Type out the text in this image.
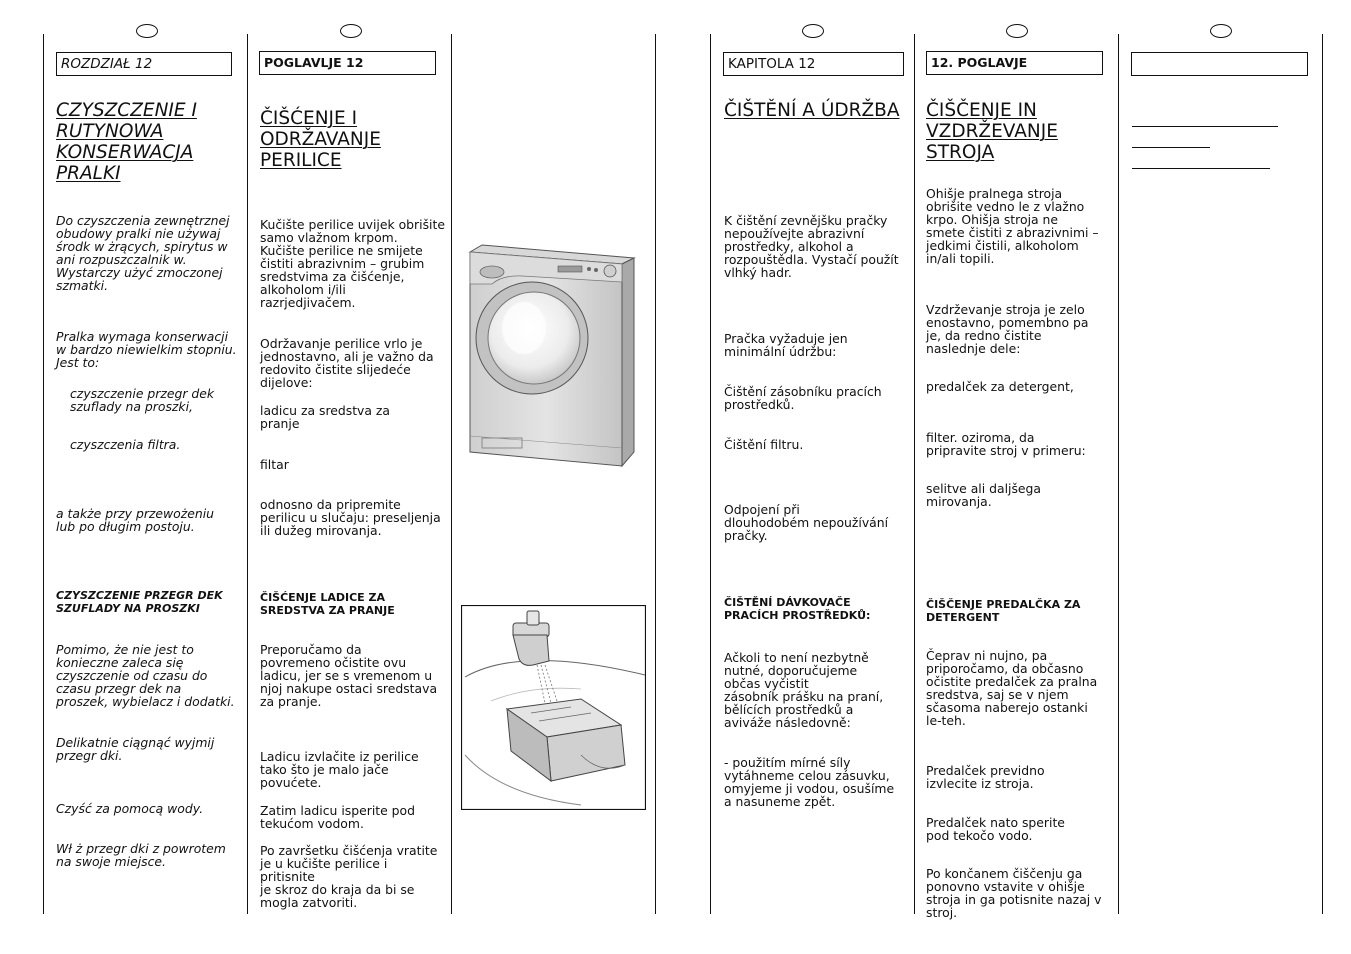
ROZDZIAŁ 12
CZYSZCZENIE I
RUTYNOWA
KONSERWACJA
PRALKI
Do czyszczenia zewnętrznej
obudowy pralki nie używaj
środk w żrących, spirytus w
ani rozpuszczalnik w.
Wystarczy użyć zmoczonej
szmatki.
Pralka wymaga konserwacji
w bardzo niewielkim stopniu.
Jest to:
czyszczenie przegr dek
szuflady na proszki,
czyszczenia filtra.
a także przy przewożeniu
lub po długim postoju.
CZYSZCZENIE PRZEGR DEK
SZUFLADY NA PROSZKI
Pomimo, że nie jest to
konieczne zaleca się
czyszczenie od czasu do
czasu przegr dek na
proszek, wybielacz i dodatki.
Delikatnie ciągnąć wyjmij
przegr dki.
Czyść za pomocą wody.
Wł ż przegr dki z powrotem
na swoje miejsce.
POGLAVLJE 12
ČIŠĆENJE I
ODRŽAVANJE
PERILICE
Kučište perilice uvijek obrišite
samo vlažnom krpom.
Kučište perilice ne smijete
čistiti abrazivnim – grubim
sredstvima za čišćenje,
alkoholom i/ili
razrjedjivačem.
Održavanje perilice vrlo je
jednostavno, ali je važno da
redovito čistite slijedeće
dijelove:
ladicu za sredstva za
pranje
filtar
odnosno da pripremite
perilicu u slučaju: preseljenja
ili dužeg mirovanja.
ČIŠĆENJE LADICE ZA
SREDSTVA ZA PRANJE
Preporučamo da
povremeno očistite ovu
ladicu, jer se s vremenom u
njoj nakupe ostaci sredstava
za pranje.
Ladicu izvlačite iz perilice
tako što je malo jače
povućete.
Zatim ladicu isperite pod
tekućom vodom.
Po završetku čišćenja vratite
je u kučište perilice i pritisnite
je skroz do kraja da bi se
mogla zatvoriti.
KAPITOLA 12
ČIŠTĚNÍ A ÚDRŽBA
K čištění zevnějšku pračky
nepoužívejte abrazivní
prostředky, alkohol a
rozpouštědla. Vystačí použít
vlhký hadr.
Pračka vyžaduje jen
minimální údržbu:
Čištění zásobníku pracích
prostředků.
Čištění filtru.
Odpojení při
dlouhodobém nepoužívání
pračky.
ČIŠTĚNÍ DÁVKOVAČE
PRACÍCH PROSTŘEDKŮ:
Ačkoli to není nezbytně
nutné, doporučujeme
občas vyčistit
zásobník prášku na praní,
bělících prostředků a
aviváže následovně:
- použitím mírné síly
vytáhneme celou zásuvku,
omyjeme ji vodou, osušíme
a nasuneme zpět.
12. POGLAVJE
ČIŠČENJE IN
VZDRŽEVANJE
STROJA
Ohišje pralnega stroja
obrišite vedno le z vlažno
krpo. Ohišja stroja ne
smete čistiti z abrazivnimi –
jedkimi čistili, alkoholom
in/ali topili.
Vzdrževanje stroja je zelo
enostavno, pomembno pa
je, da redno čistite
naslednje dele:
predalček za detergent,
filter. oziroma, da
pripravite stroj v primeru:
selitve ali daljšega
mirovanja.
ČIŠČENJE PREDALČKA ZA
DETERGENT
Čeprav ni nujno, pa
priporočamo, da občasno
očistite predalček za pralna
sredstva, saj se v njem
sčasoma naberejo ostanki
le-teh.
Predalček previdno
izvlecite iz stroja.
Predalček nato sperite
pod tekočo vodo.
Po končanem čiščenju ga
ponovno vstavite v ohišje
stroja in ga potisnite nazaj v
stroj.
